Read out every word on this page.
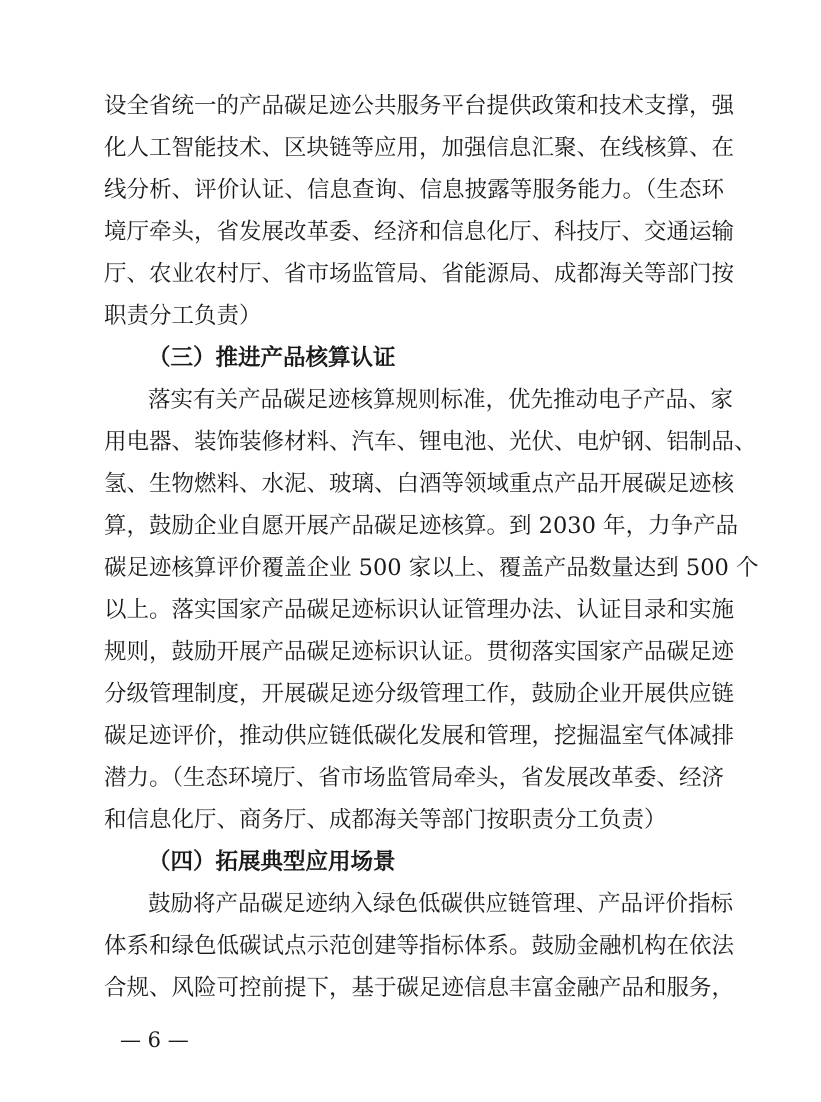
设全省统一的产品碳足迹公共服务平台提供政策和技术支撑，强
化人工智能技术、区块链等应用，加强信息汇聚、在线核算、在
线分析、评价认证、信息查询、信息披露等服务能力。（生态环
境厅牵头，省发展改革委、经济和信息化厅、科技厅、交通运输
厅、农业农村厅、省市场监管局、省能源局、成都海关等部门按
职责分工负责）
（三）推进产品核算认证
落实有关产品碳足迹核算规则标准，优先推动电子产品、家
用电器、装饰装修材料、汽车、锂电池、光伏、电炉钢、铝制品、
氢、生物燃料、水泥、玻璃、白酒等领域重点产品开展碳足迹核
算，鼓励企业自愿开展产品碳足迹核算。到 2030 年，力争产品
碳足迹核算评价覆盖企业 500 家以上、覆盖产品数量达到 500 个
以上。落实国家产品碳足迹标识认证管理办法、认证目录和实施
规则，鼓励开展产品碳足迹标识认证。贯彻落实国家产品碳足迹
分级管理制度，开展碳足迹分级管理工作，鼓励企业开展供应链
碳足迹评价，推动供应链低碳化发展和管理，挖掘温室气体减排
潜力。（生态环境厅、省市场监管局牵头，省发展改革委、经济
和信息化厅、商务厅、成都海关等部门按职责分工负责）
（四）拓展典型应用场景
鼓励将产品碳足迹纳入绿色低碳供应链管理、产品评价指标
体系和绿色低碳试点示范创建等指标体系。鼓励金融机构在依法
合规、风险可控前提下，基于碳足迹信息丰富金融产品和服务，
— 6 —
